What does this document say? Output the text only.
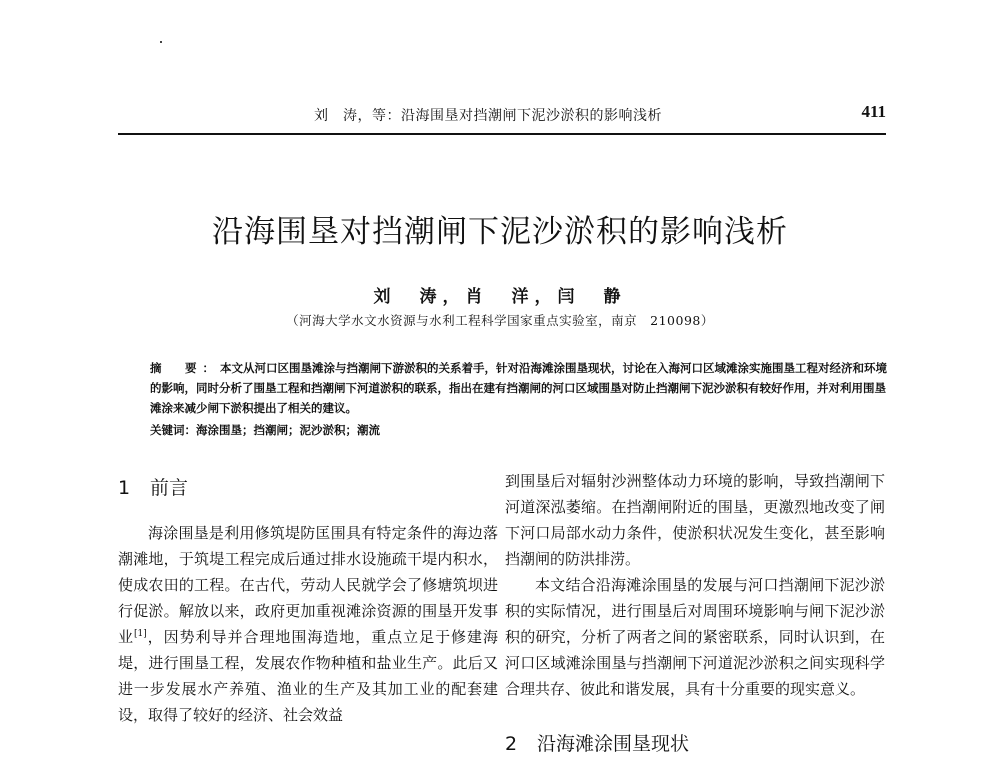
刘　涛，等：沿海围垦对挡潮闸下泥沙淤积的影响浅析	411
沿海围垦对挡潮闸下泥沙淤积的影响浅析
刘　涛，肖　洋，闫　静
（河海大学水文水资源与水利工程科学国家重点实验室，南京　210098）

摘　要：本文从河口区围垦滩涂与挡潮闸下游淤积的关系着手，针对沿海滩涂围垦现状，讨论在入海河口区域滩涂实施围垦工程对经济和环境的影响，同时分析了围垦工程和挡潮闸下河道淤积的联系，指出在建有挡潮闸的河口区域围垦对防止挡潮闸下泥沙淤积有较好作用，并对利用围垦滩涂来减少闸下淤积提出了相关的建议。

关键词：海涂围垦；挡潮闸；泥沙淤积；潮流

1 前言

海涂围垦是利用修筑堤防匡围具有特定条件的海边落潮滩地，于筑堤工程完成后通过排水设施疏干堤内积水，使成农田的工程。在古代，劳动人民就学会了修塘筑坝进行促淤。解放以来，政府更加重视滩涂资源的围垦开发事业[1]，因势利导并合理地围海造地，重点立足于修建海堤，进行围垦工程，发展农作物种植和盐业生产。此后又进一步发展水产养殖、渔业的生产及其加工业的配套建设，取得了较好的经济、社会效益

到围垦后对辐射沙洲整体动力环境的影响，导致挡潮闸下河道深泓萎缩。在挡潮闸附近的围垦，更激烈地改变了闸下河口局部水动力条件，使淤积状况发生变化，甚至影响挡潮闸的防洪排涝。

本文结合沿海滩涂围垦的发展与河口挡潮闸下泥沙淤积的实际情况，进行围垦后对周围环境影响与闸下泥沙淤积的研究，分析了两者之间的紧密联系，同时认识到，在河口区域滩涂围垦与挡潮闸下河道泥沙淤积之间实现科学合理共存、彼此和谐发展，具有十分重要的现实意义。

2 沿海滩涂围垦现状
